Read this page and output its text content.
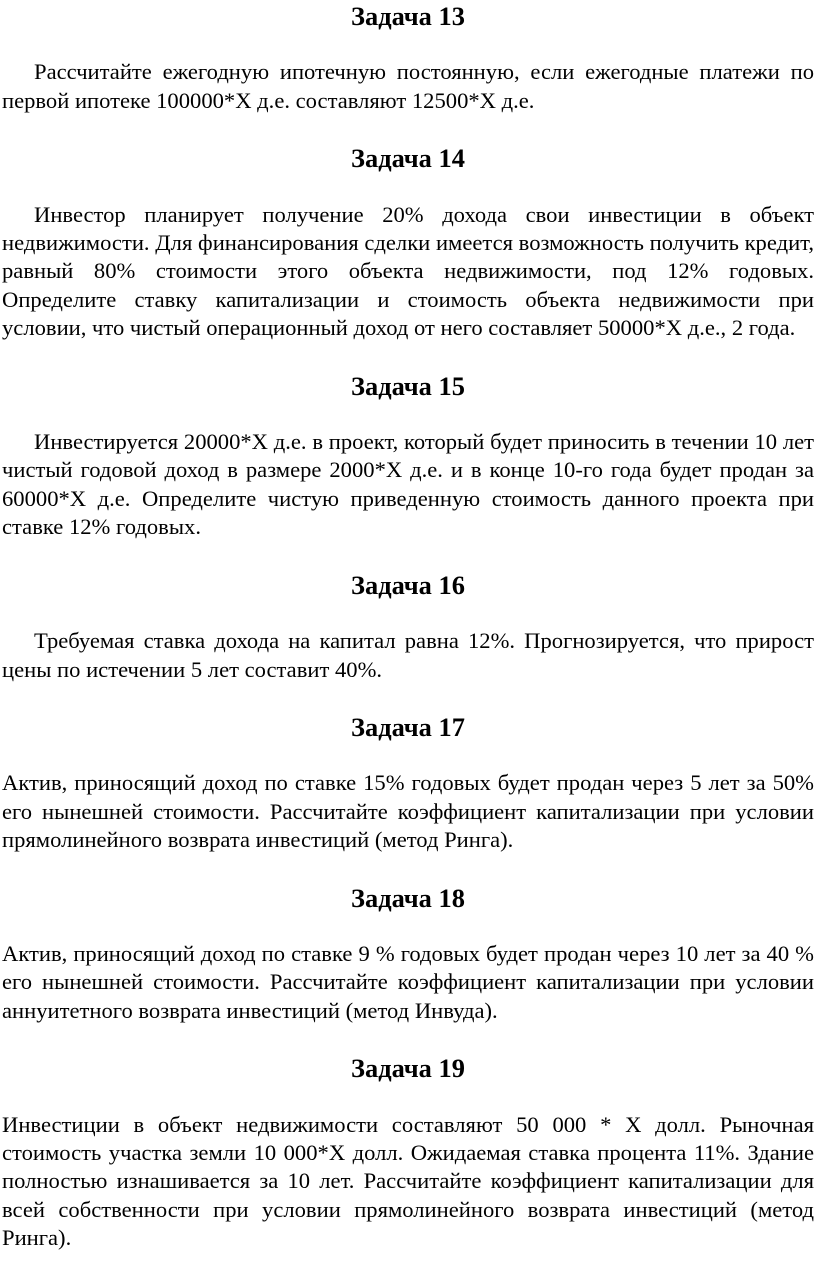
Задача 13

Рассчитайте ежегодную ипотечную постоянную, если ежегодные платежи по первой ипотеке 100000*Х д.е. составляют 12500*Х д.е.

Задача 14

Инвестор планирует получение 20% дохода свои инвестиции в объект недвижимости. Для финансирования сделки имеется возможность получить кредит, равный 80% стоимости этого объекта недвижимости, под 12% годовых. Определите ставку капитализации и стоимость объекта недвижимости при условии, что чистый операционный доход от него составляет 50000*Х д.е., 2 года.

Задача 15

Инвестируется 20000*Х д.е. в проект, который будет приносить в течении 10 лет чистый годовой доход в размере 2000*Х д.е. и в конце 10-го года будет продан за 60000*Х д.е. Определите чистую приведенную стоимость данного проекта при ставке 12% годовых.

Задача 16

Требуемая ставка дохода на капитал равна 12%. Прогнозируется, что прирост цены по истечении 5 лет составит 40%.

Задача 17

Актив, приносящий доход по ставке 15% годовых будет продан через 5 лет за 50% его нынешней стоимости. Рассчитайте коэффициент капитализации при условии прямолинейного возврата инвестиций (метод Ринга).

Задача 18

Актив, приносящий доход по ставке 9 % годовых будет продан через 10 лет за 40 % его нынешней стоимости. Рассчитайте коэффициент капитализации при условии аннуитетного возврата инвестиций (метод Инвуда).

Задача 19

Инвестиции в объект недвижимости составляют 50 000 * Х долл. Рыночная стоимость участка земли 10 000*Х долл. Ожидаемая ставка процента 11%. Здание полностью изнашивается за 10 лет. Рассчитайте коэффициент капитализации для всей собственности при условии прямолинейного возврата инвестиций (метод Ринга).
